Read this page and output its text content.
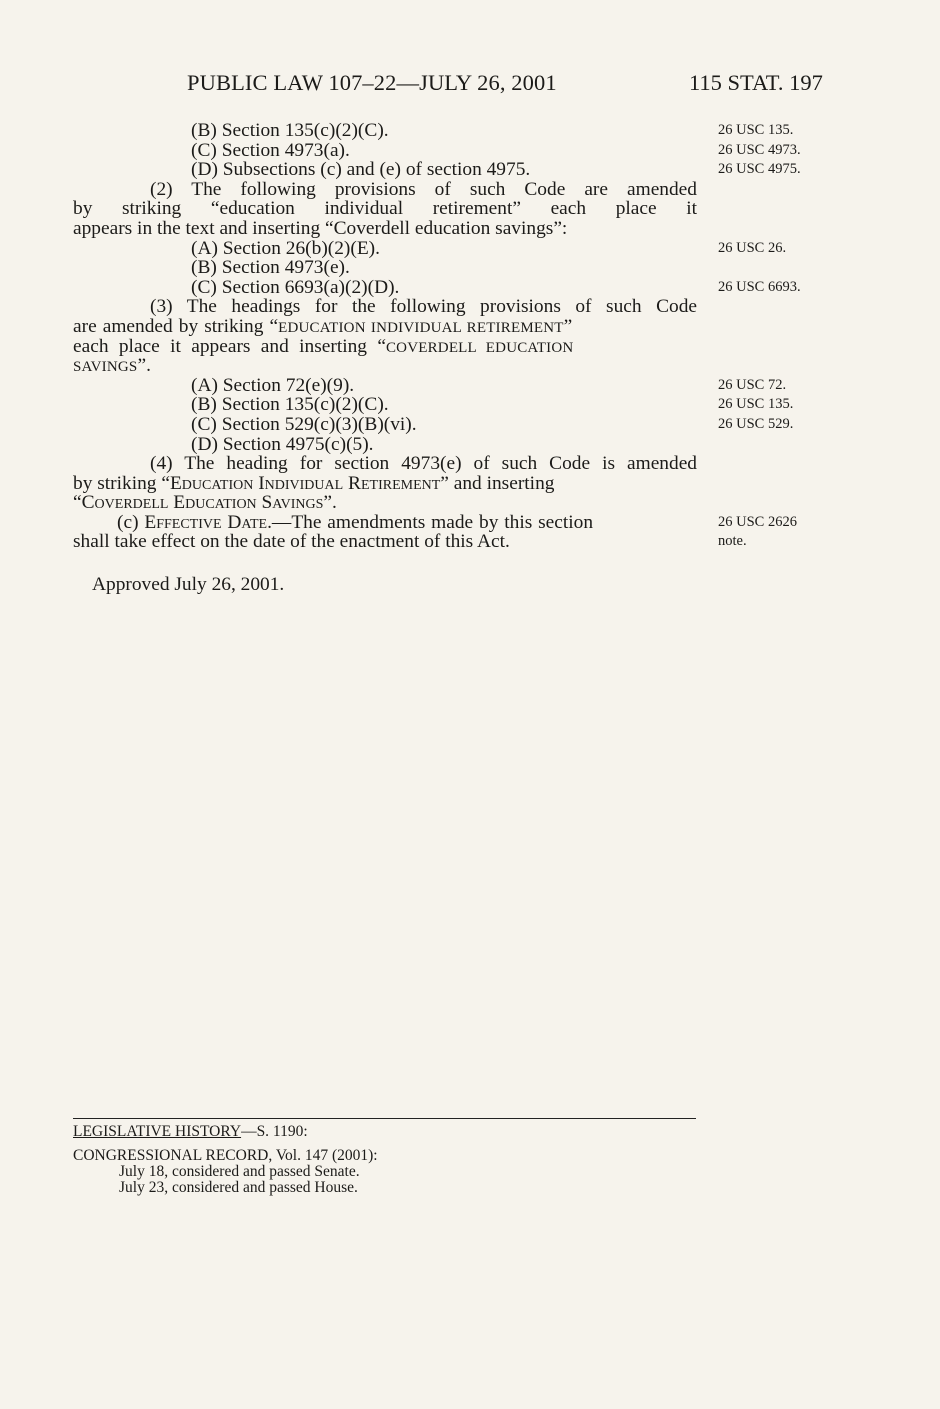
PUBLIC LAW 107–22—JULY 26, 2001	115 STAT. 197
(B) Section 135(c)(2)(C).
(C) Section 4973(a).
(D) Subsections (c) and (e) of section 4975.
(2) The following provisions of such Code are amended
by striking “education individual retirement” each place it
appears in the text and inserting “Coverdell education savings”:
(A) Section 26(b)(2)(E).
(B) Section 4973(e).
(C) Section 6693(a)(2)(D).
(3) The headings for the following provisions of such Code
are amended by striking “EDUCATION INDIVIDUAL RETIREMENT”
each place it appears and inserting “COVERDELL EDUCATION
SAVINGS”.
(A) Section 72(e)(9).
(B) Section 135(c)(2)(C).
(C) Section 529(c)(3)(B)(vi).
(D) Section 4975(c)(5).
(4) The heading for section 4973(e) of such Code is amended
by striking “Education Individual Retirement” and inserting
“Coverdell Education Savings”.
(c) Effective Date.—The amendments made by this section
shall take effect on the date of the enactment of this Act.
26 USC 135.
26 USC 4973.
26 USC 4975.
26 USC 26.
26 USC 6693.
26 USC 72.
26 USC 135.
26 USC 529.
26 USC 2626
note.
Approved July 26, 2001.
LEGISLATIVE HISTORY—S. 1190:
CONGRESSIONAL RECORD, Vol. 147 (2001):
July 18, considered and passed Senate.
July 23, considered and passed House.
